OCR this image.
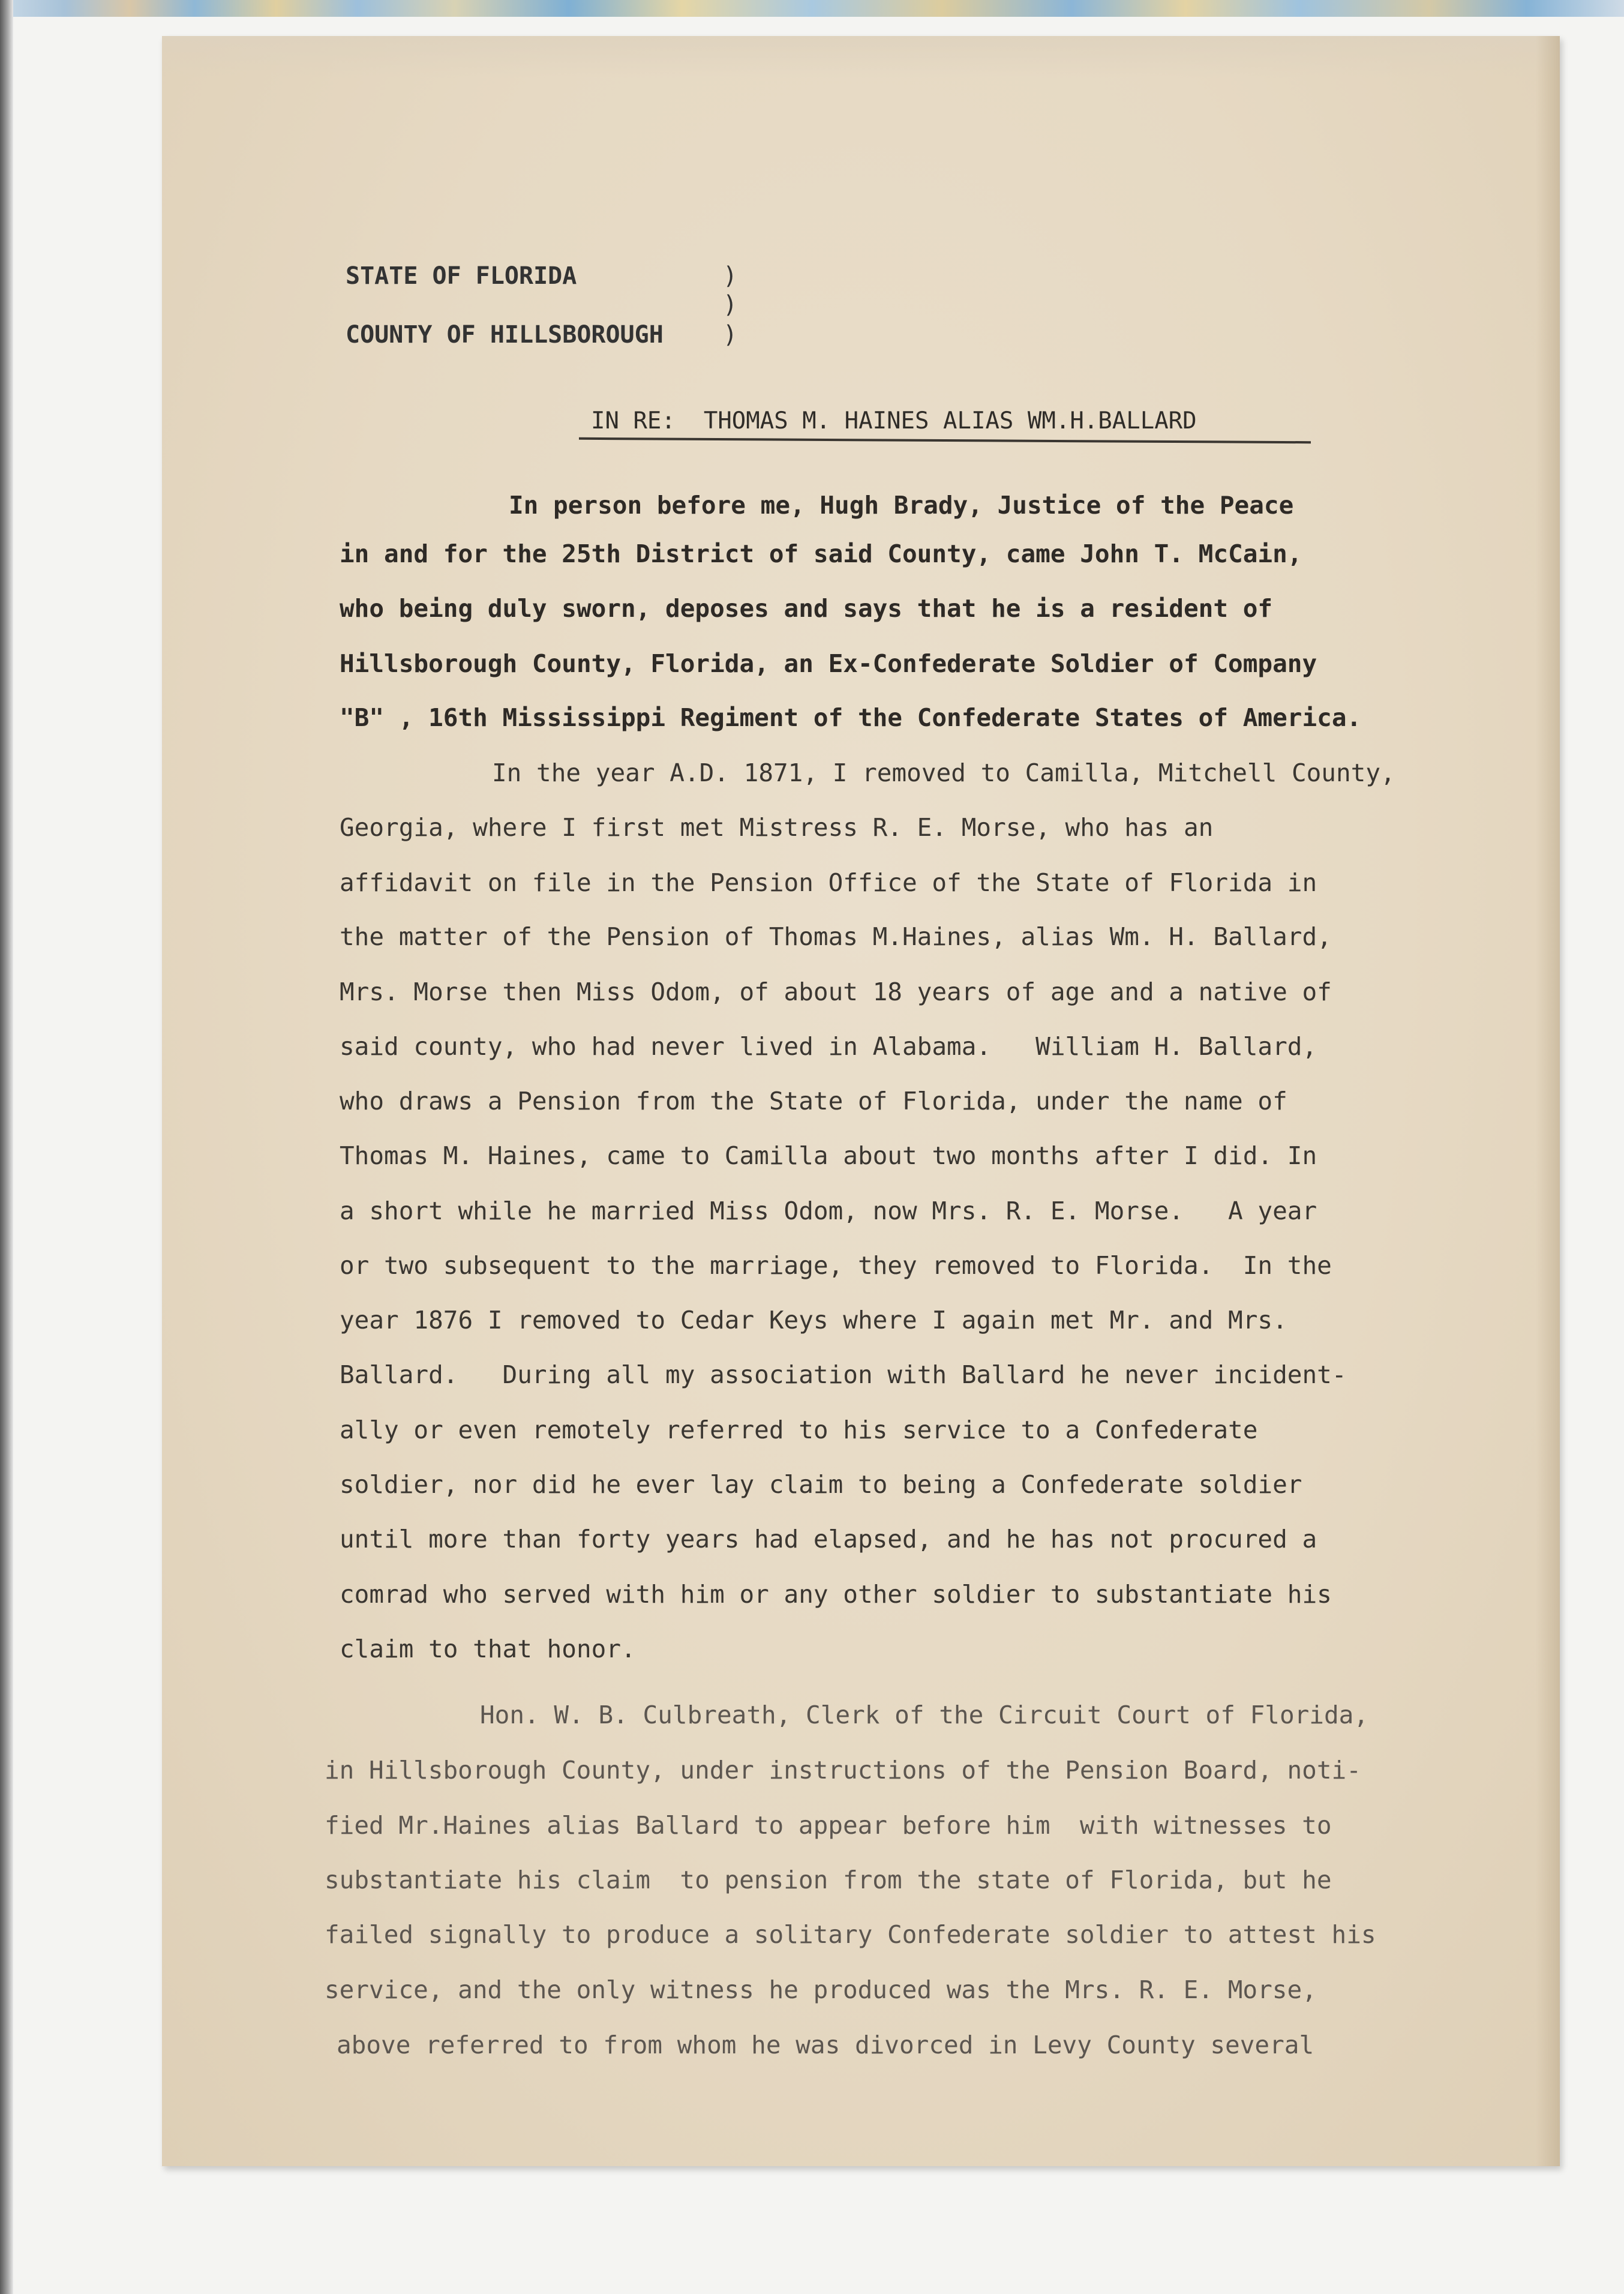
STATE OF FLORIDA

COUNTY OF HILLSBOROUGH

)

)

)

IN RE:  THOMAS M. HAINES ALIAS WM.H.BALLARD

In person before me, Hugh Brady, Justice of the Peace

in and for the 25th District of said County, came John T. McCain,

who being duly sworn, deposes and says that he is a resident of

Hillsborough County, Florida, an Ex-Confederate Soldier of Company

"B" , 16th Mississippi Regiment of the Confederate States of America.

In the year A.D. 1871, I removed to Camilla, Mitchell County,

Georgia, where I first met Mistress R. E. Morse, who has an

affidavit on file in the Pension Office of the State of Florida in

the matter of the Pension of Thomas M.Haines, alias Wm. H. Ballard,

Mrs. Morse then Miss Odom, of about 18 years of age and a native of

said county, who had never lived in Alabama.   William H. Ballard,

who draws a Pension from the State of Florida, under the name of

Thomas M. Haines, came to Camilla about two months after I did. In

a short while he married Miss Odom, now Mrs. R. E. Morse.   A year

or two subsequent to the marriage, they removed to Florida.  In the

year 1876 I removed to Cedar Keys where I again met Mr. and Mrs.

Ballard.   During all my association with Ballard he never incident-

ally or even remotely referred to his service to a Confederate

soldier, nor did he ever lay claim to being a Confederate soldier

until more than forty years had elapsed, and he has not procured a

comrad who served with him or any other soldier to substantiate his

claim to that honor.

Hon. W. B. Culbreath, Clerk of the Circuit Court of Florida,

in Hillsborough County, under instructions of the Pension Board, noti-

fied Mr.Haines alias Ballard to appear before him  with witnesses to

substantiate his claim  to pension from the state of Florida, but he

failed signally to produce a solitary Confederate soldier to attest his

service, and the only witness he produced was the Mrs. R. E. Morse,

above referred to from whom he was divorced in Levy County several
